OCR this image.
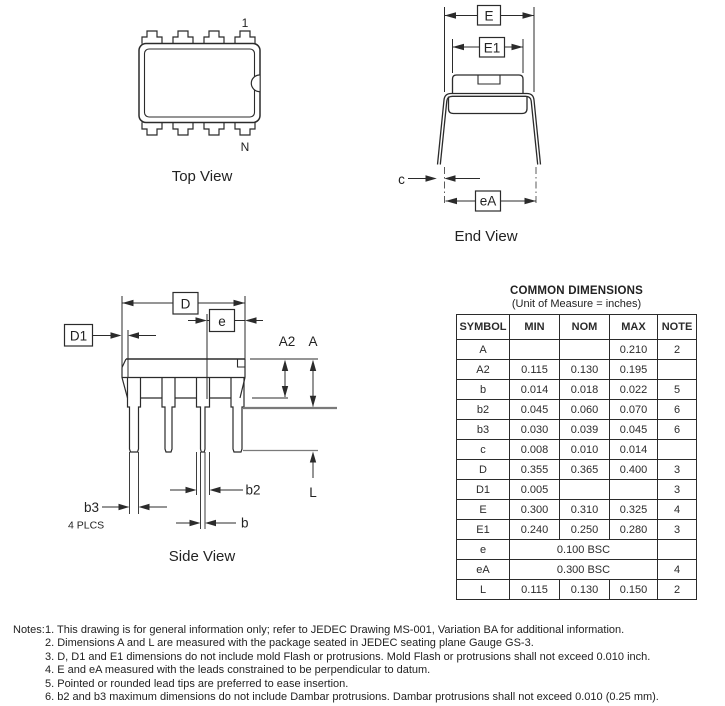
1
N
Top View
E
E1
c
eA
End View
D
e
D1	A2 A
L
b2
b
b3
4 PLCS
Side View
COMMON DIMENSIONS
(Unit of Measure = inches)
SYMBOL	MIN	NOM	MAX	NOTE
A			0.210	2
A2	0.115	0.130	0.195	
b	0.014	0.018	0.022	5
b2	0.045	0.060	0.070	6
b3	0.030	0.039	0.045	6
c	0.008	0.010	0.014	
D	0.355	0.365	0.400	3
D1	0.005			3
E	0.300	0.310	0.325	4
E1	0.240	0.250	0.280	3
e	0.100 BSC			
eA	0.300 BSC			4
L	0.115	0.130	0.150	2
Notes: 1. This drawing is for general information only; refer to JEDEC Drawing MS-001, Variation BA for additional information.
2. Dimensions A and L are measured with the package seated in JEDEC seating plane Gauge GS-3.
3. D, D1 and E1 dimensions do not include mold Flash or protrusions. Mold Flash or protrusions shall not exceed 0.010 inch.
4. E and eA measured with the leads constrained to be perpendicular to datum.
5. Pointed or rounded lead tips are preferred to ease insertion.
6. b2 and b3 maximum dimensions do not include Dambar protrusions. Dambar protrusions shall not exceed 0.010 (0.25 mm).
